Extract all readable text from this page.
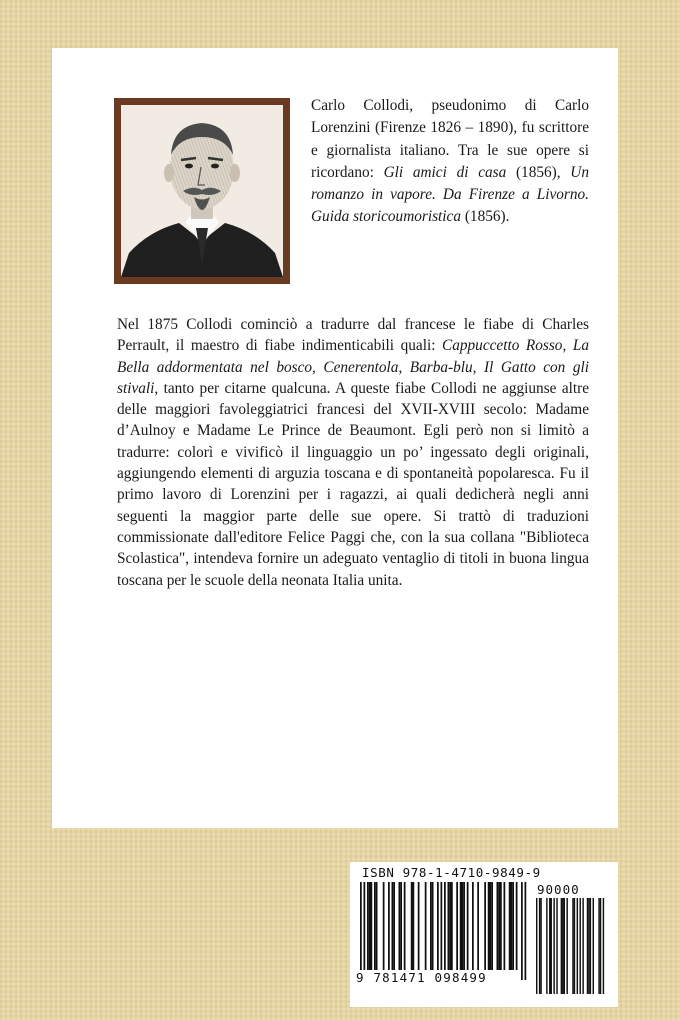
Carlo Collodi, pseudonimo di Carlo Lorenzini (Firenze 1826 – 1890), fu scrittore e giornalista italiano. Tra le sue opere si ricordano: Gli amici di casa (1856), Un romanzo in vapore. Da Firenze a Livorno. Guida storicoumoristica (1856).

Nel 1875 Collodi cominciò a tradurre dal francese le fiabe di Charles Perrault, il maestro di fiabe indimenticabili quali: Cappuccetto Rosso, La Bella addormentata nel bosco, Cenerentola, Barba-blu, Il Gatto con gli stivali, tanto per citarne qualcuna. A queste fiabe Collodi ne aggiunse altre delle maggiori favoleggiatrici francesi del XVII-XVIII secolo: Madame d’Aulnoy e Madame Le Prince de Beaumont. Egli però non si limitò a tradurre: colorì e vivificò il linguaggio un po’ ingessato degli originali, aggiungendo elementi di arguzia toscana e di spontaneità popolaresca. Fu il primo lavoro di Lorenzini per i ragazzi, ai quali dedicherà negli anni seguenti la maggior parte delle sue opere. Si trattò di traduzioni commissionate dall'editore Felice Paggi che, con la sua collana "Biblioteca Scolastica", intendeva fornire un adeguato ventaglio di titoli in buona lingua toscana per le scuole della neonata Italia unita.

ISBN 978-1-4710-9849-9
90000
9 781471 098499
